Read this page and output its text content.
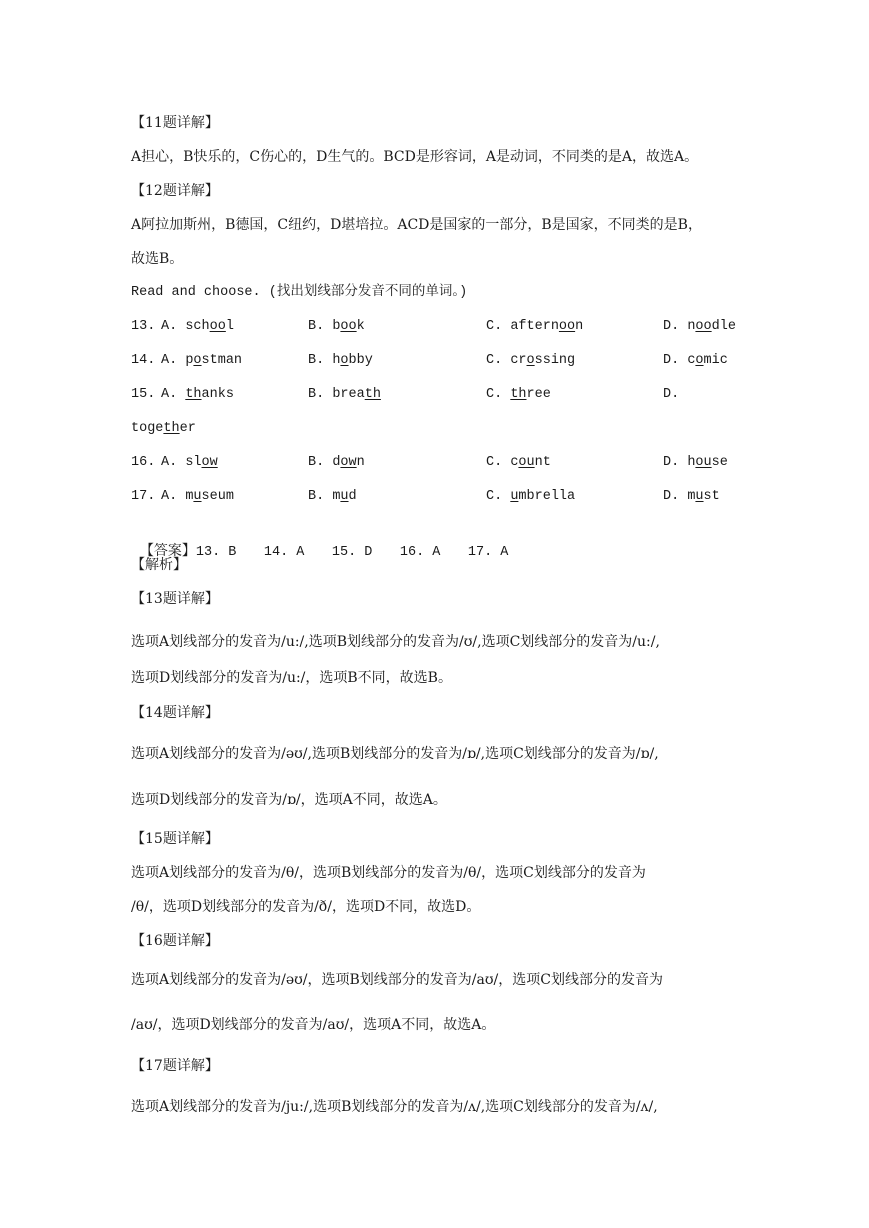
【11题详解】
A担心，B快乐的，C伤心的，D生气的。BCD是形容词，A是动词，不同类的是A，故选A。
【12题详解】
A阿拉加斯州，B德国，C纽约，D堪培拉。ACD是国家的一部分，B是国家，不同类的是B，
故选B。
Read and choose. (找出划线部分发音不同的单词。)
13.
A. school	B. book	C. afternoon	D. noodle
14.
A. postman	B. hobby	C. crossing	D. comic
15.
A. thanks	B. breath	C. three	D.
together
16.
A. slow	B. down	C. count	D. house
17.
A. museum	B. mud	C. umbrella	D. must

【答案】13. B 14. A 15. D 16. A 17. A

【解析】
【13题详解】
选项A划线部分的发音为/u:/,选项B划线部分的发音为/ʊ/,选项C划线部分的发音为/u:/,
选项D划线部分的发音为/u:/，选项B不同，故选B。
【14题详解】
选项A划线部分的发音为/əʊ/,选项B划线部分的发音为/ɒ/,选项C划线部分的发音为/ɒ/,
选项D划线部分的发音为/ɒ/，选项A不同，故选A。
【15题详解】
选项A划线部分的发音为/θ/，选项B划线部分的发音为/θ/，选项C划线部分的发音为
/θ/，选项D划线部分的发音为/ð/，选项D不同，故选D。
【16题详解】
选项A划线部分的发音为/əʊ/，选项B划线部分的发音为/aʊ/，选项C划线部分的发音为
/aʊ/，选项D划线部分的发音为/aʊ/，选项A不同，故选A。
【17题详解】
选项A划线部分的发音为/ju:/,选项B划线部分的发音为/ʌ/,选项C划线部分的发音为/ʌ/,
